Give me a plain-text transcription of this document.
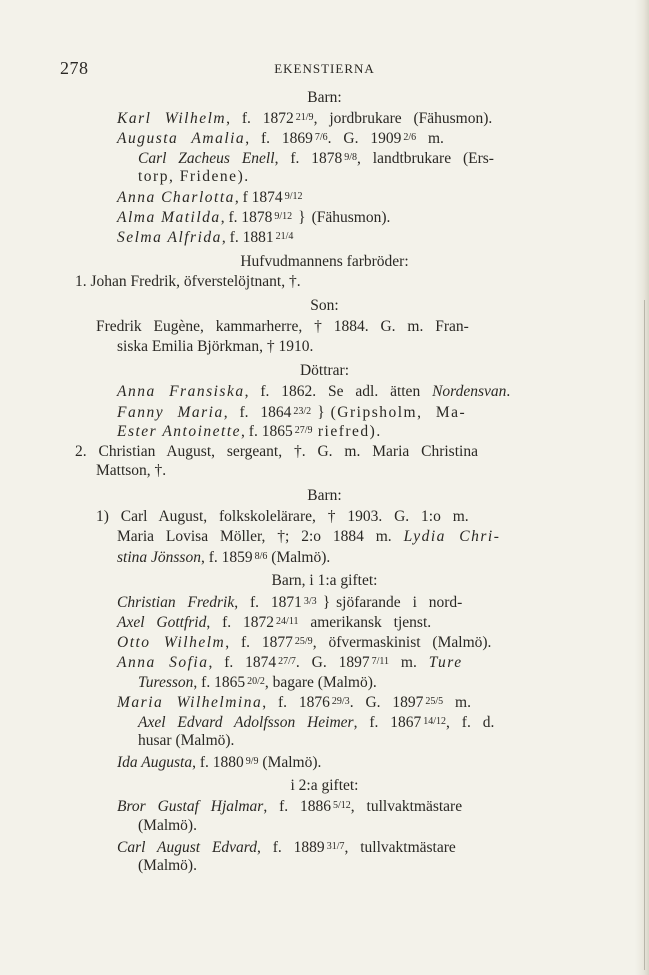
278	EKENSTIERNA
Barn:
Karl Wilhelm, f. 1872 21/9, jordbrukare (Fähusmon).
Augusta Amalia, f. 1869 7/6. G. 1909 2/6 m.
Carl Zacheus Enell, f. 1878 9/8, landtbrukare (Ers-
torp, Fridene).
Anna Charlotta, f 1874 9/12
Alma Matilda, f. 1878 9/12 } (Fähusmon).
Selma Alfrida, f. 1881 21/4
Hufvudmannens farbröder:
1. Johan Fredrik, öfverstelöjtnant, †.
Son:
Fredrik Eugène, kammarherre, † 1884. G. m. Fran-
siska Emilia Björkman, † 1910.
Döttrar:
Anna Fransiska, f. 1862. Se adl. ätten Nordensvan.
Fanny Maria, f. 1864 23/2 } (Gripsholm, Ma-
Ester Antoinette, f. 1865 27/9 riefred).
2. Christian August, sergeant, †. G. m. Maria Christina
Mattson, †.
Barn:
1) Carl August, folkskolelärare, † 1903. G. 1:o m.
Maria Lovisa Möller, †; 2:o 1884 m. Lydia Chri-
stina Jönsson, f. 1859 8/6 (Malmö).
Barn, i 1:a giftet:
Christian Fredrik, f. 1871 3/3 } sjöfarande i nord-
Axel Gottfrid, f. 1872 24/11 amerikansk tjenst.
Otto Wilhelm, f. 1877 25/9, öfvermaskinist (Malmö).
Anna Sofia, f. 1874 27/7. G. 1897 7/11 m. Ture
Turesson, f. 1865 20/2, bagare (Malmö).
Maria Wilhelmina, f. 1876 29/3. G. 1897 25/5 m.
Axel Edvard Adolfsson Heimer, f. 1867 14/12, f. d.
husar (Malmö).
Ida Augusta, f. 1880 9/9 (Malmö).
i 2:a giftet:
Bror Gustaf Hjalmar, f. 1886 5/12, tullvaktmästare
(Malmö).
Carl August Edvard, f. 1889 31/7, tullvaktmästare
(Malmö).
